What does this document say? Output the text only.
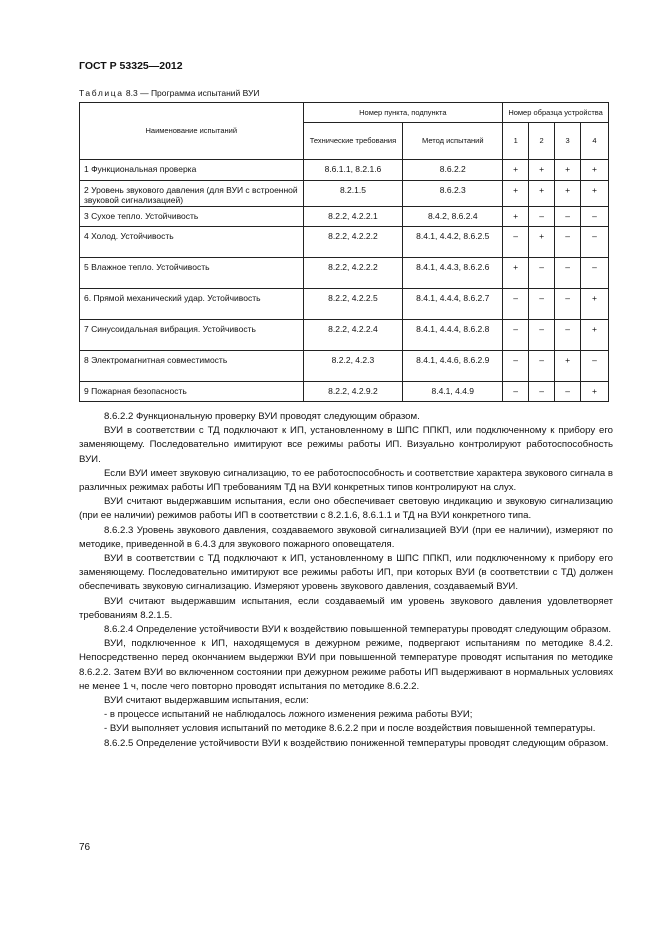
ГОСТ Р 53325—2012
Таблица 8.3 — Программа испытаний ВУИ
Наименование испытаний	Номер пункта, подпункта		Номер образца устройства			
	Технические требования	Метод испытаний	1	2	3	4
1 Функциональная проверка	8.6.1.1, 8.2.1.6	8.6.2.2	+	+	+	+
2 Уровень звукового давления (для ВУИ с встроенной звуковой сигнализацией)	8.2.1.5	8.6.2.3	+	+	+	+
3 Сухое тепло. Устойчивость	8.2.2, 4.2.2.1	8.4.2, 8.6.2.4	+	–	–	–
4 Холод. Устойчивость	8.2.2, 4.2.2.2	8.4.1, 4.4.2, 8.6.2.5	–	+	–	–
5 Влажное тепло. Устойчивость	8.2.2, 4.2.2.2	8.4.1, 4.4.3, 8.6.2.6	+	–	–	–
6. Прямой механический удар. Устойчивость	8.2.2, 4.2.2.5	8.4.1, 4.4.4, 8.6.2.7	–	–	–	+
7 Синусоидальная вибрация. Устойчивость	8.2.2, 4.2.2.4	8.4.1, 4.4.4, 8.6.2.8	–	–	–	+
8 Электромагнитная совместимость	8.2.2, 4.2.3	8.4.1, 4.4.6, 8.6.2.9	–	–	+	–
9 Пожарная безопасность	8.2.2, 4.2.9.2	8.4.1, 4.4.9	–	–	–	+

8.6.2.2 Функциональную проверку ВУИ проводят следующим образом.

ВУИ в соответствии с ТД подключают к ИП, установленному в ШПС ППКП, или подключенному к прибору его заменяющему. Последовательно имитируют все режимы работы ИП. Визуально контролируют работоспособность ВУИ.

Если ВУИ имеет звуковую сигнализацию, то ее работоспособность и соответствие характера звукового сигнала в различных режимах работы ИП требованиям ТД на ВУИ конкретных типов контролируют на слух.

ВУИ считают выдержавшим испытания, если оно обеспечивает световую индикацию и звуковую сигнализацию (при ее наличии) режимов работы ИП в соответствии с 8.2.1.6, 8.6.1.1 и ТД на ВУИ конкретного типа.

8.6.2.3 Уровень звукового давления, создаваемого звуковой сигнализацией ВУИ (при ее наличии), измеряют по методике, приведенной в 6.4.3 для звукового пожарного оповещателя.

ВУИ в соответствии с ТД подключают к ИП, установленному в ШПС ППКП, или подключенному к прибору его заменяющему. Последовательно имитируют все режимы работы ИП, при которых ВУИ (в соответствии с ТД) должен обеспечивать звуковую сигнализацию. Измеряют уровень звукового давления, создаваемый ВУИ.

ВУИ считают выдержавшим испытания, если создаваемый им уровень звукового давления удовлетворяет требованиям 8.2.1.5.

8.6.2.4 Определение устойчивости ВУИ к воздействию повышенной температуры проводят следующим образом.

ВУИ, подключенное к ИП, находящемуся в дежурном режиме, подвергают испытаниям по методике 8.4.2. Непосредственно перед окончанием выдержки ВУИ при повышенной температуре проводят испытания по методике 8.6.2.2. Затем ВУИ во включенном состоянии при дежурном режиме работы ИП выдерживают в нормальных условиях не менее 1 ч, после чего повторно проводят испытания по методике 8.6.2.2.

ВУИ считают выдержавшим испытания, если:

- в процессе испытаний не наблюдалось ложного изменения режима работы ВУИ;

- ВУИ выполняет условия испытаний по методике 8.6.2.2 при и после воздействия повышенной температуры.

8.6.2.5 Определение устойчивости ВУИ к воздействию пониженной температуры проводят следующим образом.

76
